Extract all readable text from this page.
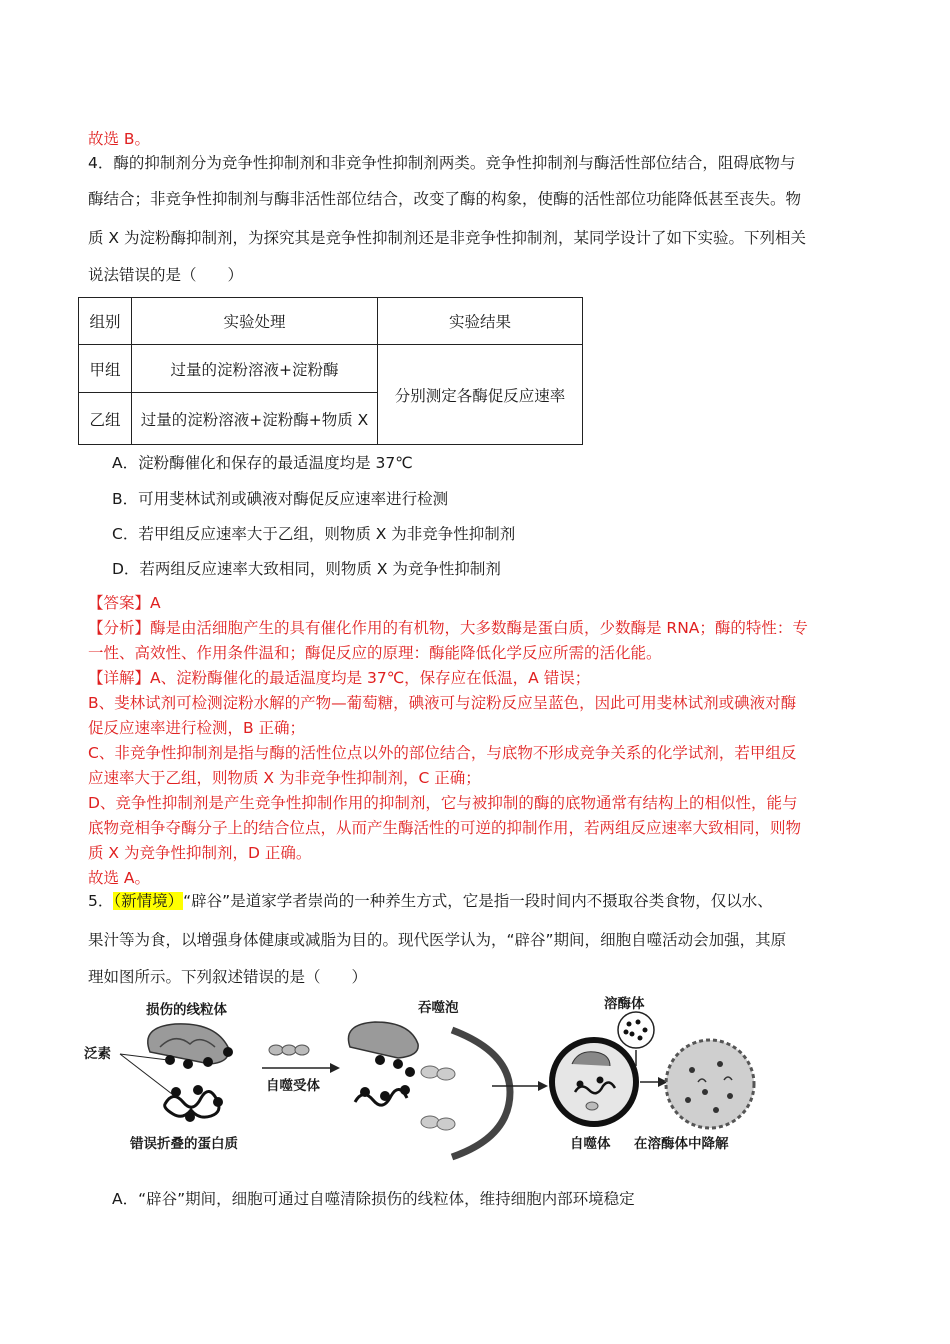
故选 B。
4．酶的抑制剂分为竞争性抑制剂和非竞争性抑制剂两类。竞争性抑制剂与酶活性部位结合，阻碍底物与
酶结合；非竞争性抑制剂与酶非活性部位结合，改变了酶的构象，使酶的活性部位功能降低甚至丧失。物
质 X 为淀粉酶抑制剂，为探究其是竞争性抑制剂还是非竞争性抑制剂，某同学设计了如下实验。下列相关
说法错误的是（　　）
组别	实验处理	实验结果
甲组	过量的淀粉溶液+淀粉酶	分别测定各酶促反应速率
乙组	过量的淀粉溶液+淀粉酶+物质 X	
A．淀粉酶催化和保存的最适温度均是 37℃
B．可用斐林试剂或碘液对酶促反应速率进行检测
C．若甲组反应速率大于乙组，则物质 X 为非竞争性抑制剂
D．若两组反应速率大致相同，则物质 X 为竞争性抑制剂
【答案】A
【分析】酶是由活细胞产生的具有催化作用的有机物，大多数酶是蛋白质，少数酶是 RNA；酶的特性：专
一性、高效性、作用条件温和；酶促反应的原理：酶能降低化学反应所需的活化能。
【详解】A、淀粉酶催化的最适温度均是 37℃，保存应在低温，A 错误；
B、斐林试剂可检测淀粉水解的产物—葡萄糖，碘液可与淀粉反应呈蓝色，因此可用斐林试剂或碘液对酶
促反应速率进行检测，B 正确；
C、非竞争性抑制剂是指与酶的活性位点以外的部位结合，与底物不形成竞争关系的化学试剂，若甲组反
应速率大于乙组，则物质 X 为非竞争性抑制剂，C 正确；
D、竞争性抑制剂是产生竞争性抑制作用的抑制剂，它与被抑制的酶的底物通常有结构上的相似性，能与
底物竞相争夺酶分子上的结合位点，从而产生酶活性的可逆的抑制作用，若两组反应速率大致相同，则物
质 X 为竞争性抑制剂，D 正确。
故选 A。
5．（新情境）“辟谷”是道家学者崇尚的一种养生方式，它是指一段时间内不摄取谷类食物，仅以水、
果汁等为食，以增强身体健康或减脂为目的。现代医学认为，“辟谷”期间，细胞自噬活动会加强，其原
理如图所示。下列叙述错误的是（　　）
泛素
损伤的线粒体
错误折叠的蛋白质
自噬受体
吞噬泡
自噬体
溶酶体
在溶酶体中降解
A．“辟谷”期间，细胞可通过自噬清除损伤的线粒体，维持细胞内部环境稳定
